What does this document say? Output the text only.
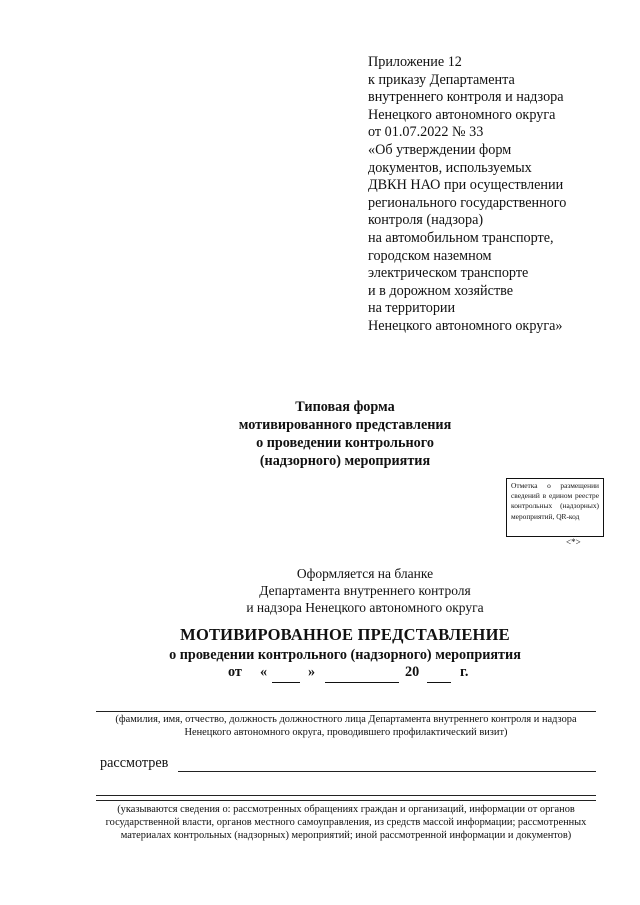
Приложение 12
к приказу Департамента
внутреннего контроля и надзора
Ненецкого автономного округа
от 01.07.2022 № 33
«Об утверждении форм
документов, используемых
ДВКН НАО при осуществлении
регионального государственного
контроля (надзора)
на автомобильном транспорте,
городском наземном
электрическом транспорте
и в дорожном хозяйстве
на территории
Ненецкого автономного округа»
Типовая форма
мотивированного представления
о проведении контрольного
(надзорного) мероприятия
Отметка о размещении сведений в едином реестре контрольных (надзорных) мероприятий, QR-код
<*>
Оформляется на бланке
Департамента внутреннего контроля
и надзора Ненецкого автономного округа
МОТИВИРОВАННОЕ ПРЕДСТАВЛЕНИЕ
о проведении контрольного (надзорного) мероприятия
от «	»	20	г.
(фамилия, имя, отчество, должность должностного лица Департамента внутреннего контроля и надзора
Ненецкого автономного округа, проводившего профилактический визит)
рассмотрев
(указываются сведения о: рассмотренных обращениях граждан и организаций, информации от органов
государственной власти, органов местного самоуправления, из средств массой информации; рассмотренных
материалах контрольных (надзорных) мероприятий; иной рассмотренной информации и документов)
